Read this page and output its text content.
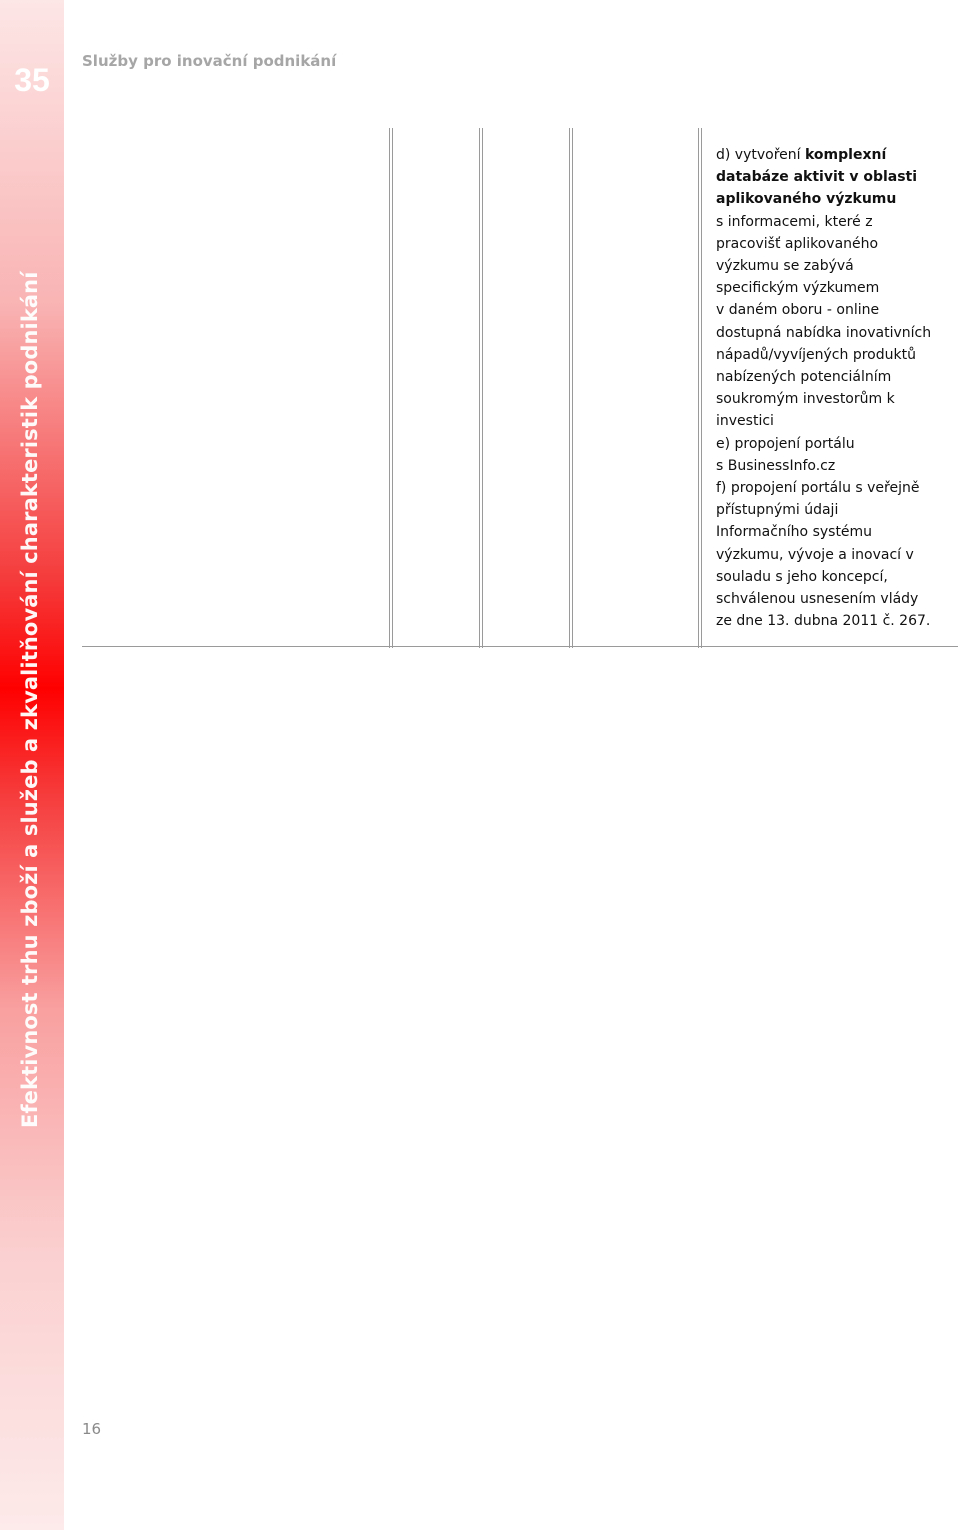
35
Efektivnost trhu zboží a služeb a zkvalitňování charakteristik podnikání
Služby pro inovační podnikání
d) vytvoření komplexní
databáze aktivit v oblasti
aplikovaného výzkumu
s informacemi, které z
pracovišť aplikovaného
výzkumu se zabývá
specifickým výzkumem
v daném oboru - online
dostupná nabídka inovativních
nápadů/vyvíjených produktů
nabízených potenciálním
soukromým investorům k
investici
e) propojení portálu
s BusinessInfo.cz
f) propojení portálu s veřejně
přístupnými údaji
Informačního systému
výzkumu, vývoje a inovací v
souladu s jeho koncepcí,
schválenou usnesením vlády
ze dne 13. dubna 2011 č. 267.
16
